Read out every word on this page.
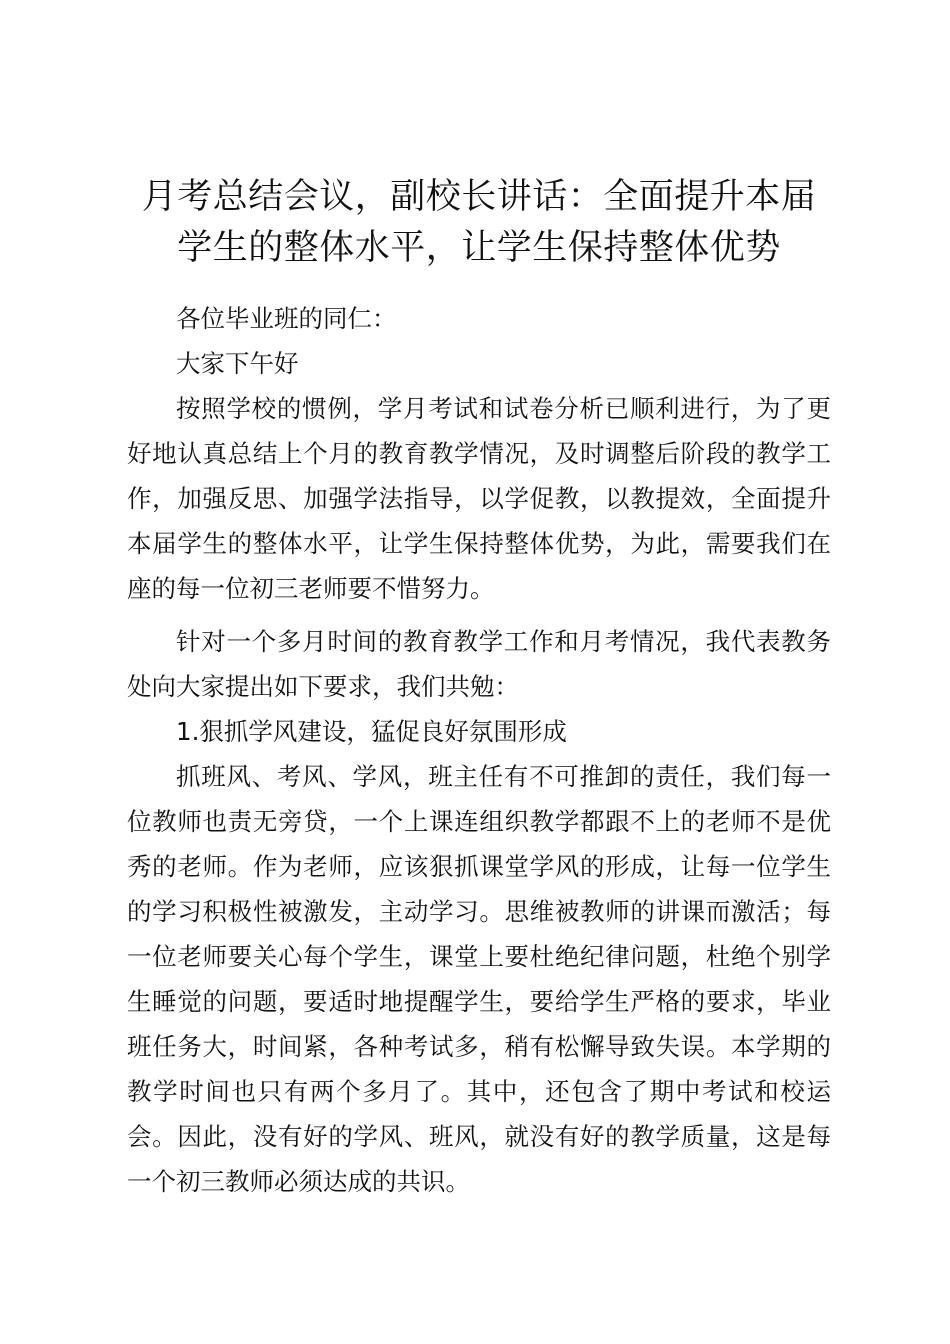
月考总结会议，副校长讲话：全面提升本届学生的整体水平，让学生保持整体优势

各位毕业班的同仁：

大家下午好

按照学校的惯例，学月考试和试卷分析已顺利进行，为了更好地认真总结上个月的教育教学情况，及时调整后阶段的教学工作，加强反思、加强学法指导，以学促教，以教提效，全面提升本届学生的整体水平，让学生保持整体优势，为此，需要我们在座的每一位初三老师要不惜努力。

针对一个多月时间的教育教学工作和月考情况，我代表教务处向大家提出如下要求，我们共勉：

1.狠抓学风建设，猛促良好氛围形成

抓班风、考风、学风，班主任有不可推卸的责任，我们每一位教师也责无旁贷，一个上课连组织教学都跟不上的老师不是优秀的老师。作为老师，应该狠抓课堂学风的形成，让每一位学生的学习积极性被激发，主动学习。思维被教师的讲课而激活；每一位老师要关心每个学生，课堂上要杜绝纪律问题，杜绝个别学生睡觉的问题，要适时地提醒学生，要给学生严格的要求，毕业班任务大，时间紧，各种考试多，稍有松懈导致失误。本学期的教学时间也只有两个多月了。其中，还包含了期中考试和校运会。因此，没有好的学风、班风，就没有好的教学质量，这是每一个初三教师必须达成的共识。
